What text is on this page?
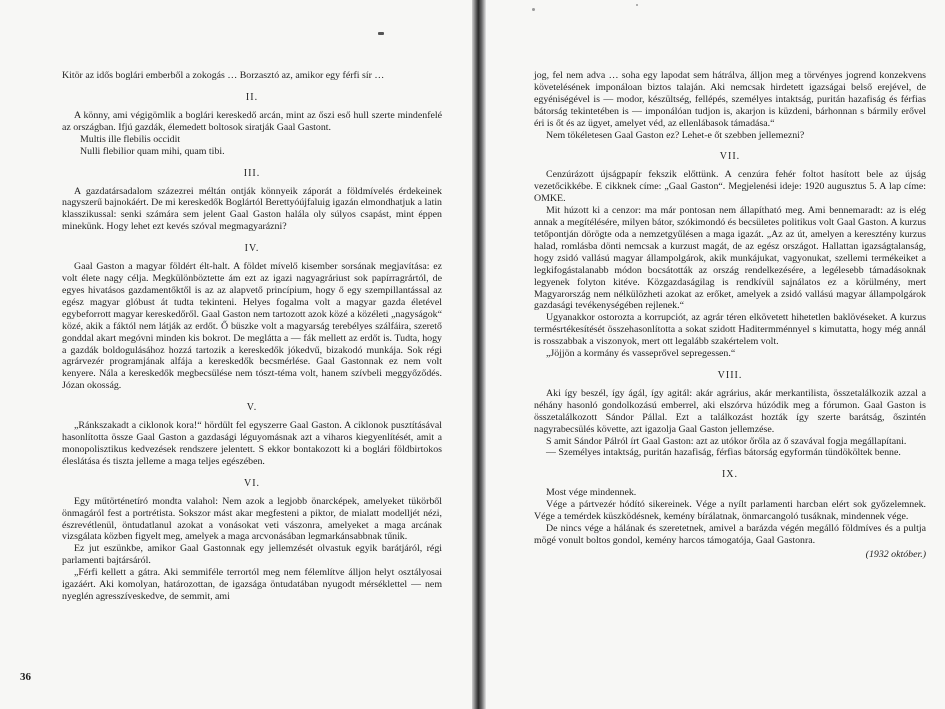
Kitör az idős boglári emberből a zokogás … Borzasztó az, amikor egy férfi sír …

II.

A könny, ami végigömlik a boglári kereskedő arcán, mint az őszi eső hull szerte mindenfelé az országban. Ifjú gazdák, élemedett boltosok siratják Gaal Gastont.

Multis ille flebilis occidit

Nulli flebilior quam mihi, quam tibi.

III.

A gazdatársadalom százezrei méltán ontják könnyeik záporát a földmívelés érdekeinek nagyszerű bajnokáért. De mi kereskedők Boglártól Berettyóújfaluig igazán elmondhatjuk a latin klasszikussal: senki számára sem jelent Gaal Gaston halála oly súlyos csapást, mint éppen minekünk. Hogy lehet ezt kevés szóval megmagyarázni?

IV.

Gaal Gaston a magyar földért élt-halt. A földet mívelő kisember sorsának megjavítása: ez volt élete nagy célja. Megkülönböztette ám ezt az igazi nagyagráriust sok papírragrártól, de egyes hivatásos gazdamentőktől is az az alapvető princípium, hogy ő egy szempillantással az egész magyar glóbust át tudta tekinteni. Helyes fogalma volt a magyar gazda életével egybeforrott magyar kereskedőről. Gaal Gaston nem tartozott azok közé a közéleti „nagyságok“ közé, akik a fáktól nem látják az erdőt. Ő büszke volt a magyarság terebélyes szálfáira, szerető gonddal akart megóvni minden kis bokrot. De meglátta a — fák mellett az erdőt is. Tudta, hogy a gazdák boldogulásához hozzá tartozik a kereskedők jókedvű, bizakodó munkája. Sok régi agrárvezér programjának alfája a kereskedők becsmérlése. Gaal Gastonnak ez nem volt kenyere. Nála a kereskedők megbecsülése nem tószt-téma volt, hanem szívbeli meggyőződés. Józan okosság.

V.

„Ránkszakadt a ciklonok kora!“ hördült fel egyszerre Gaal Gaston. A ciklonok pusztításával hasonlította össze Gaal Gaston a gazdasági léguyomásnak azt a viharos kiegyenlítését, amit a monopolisztikus kedvezések rendszere jelentett. S ekkor bontakozott ki a boglári földbirtokos éleslátása és tiszta jelleme a maga teljes egészében.

VI.

Egy műtörténetíró mondta valahol: Nem azok a legjobb önarcképek, amelyeket tükörből önmagáról fest a portrétista. Sokszor mást akar megfesteni a piktor, de mialatt modelljét nézi, észrevétlenül, öntudatlanul azokat a vonásokat veti vászonra, amelyeket a maga arcának vizsgálata közben figyelt meg, amelyek a maga arcvonásában legmarkánsabbnak tűnik.

Ez jut eszünkbe, amikor Gaal Gastonnak egy jellemzését olvastuk egyik barátjáról, régi parlamenti bajtársáról.

„Férfi kellett a gátra. Aki semmiféle terrortól meg nem félemlítve álljon helyt osztályosai igazáért. Aki komolyan, határozottan, de igazsága öntudatában nyugodt mérséklettel — nem nyeglén agresszíveskedve, de semmit, ami

36

jog, fel nem adva … soha egy lapodat sem hátrálva, álljon meg a törvényes jogrend konzekvens követelésének imponáloan biztos talaján. Aki nemcsak hirdetett igazságai belső erejével, de egyéniségével is — modor, készültség, fellépés, személyes intaktság, puritán hazafiság és férfias bátorság tekintetében is — imponálóan tudjon is, akarjon is küzdeni, bárhonnan s bármily erővel éri is őt és az ügyet, amelyet véd, az ellenlábasok támadása.“

Nem tökéletesen Gaal Gaston ez? Lehet-e őt szebben jellemezni?

VII.

Cenzúrázott újságpapír fekszik előttünk. A cenzúra fehér foltot hasított bele az újság vezetőcikkébe. E cikknek címe: „Gaal Gaston“. Megjelenési ideje: 1920 augusztus 5. A lap címe: OMKE.

Mit húzott ki a cenzor: ma már pontosan nem állapítható meg. Ami bennemaradt: az is elég annak a megítélésére, milyen bátor, szókimondó és becsületes politikus volt Gaal Gaston. A kurzus tetőpontján dörögte oda a nemzetgyűlésen a maga igazát. „Az az út, amelyen a keresztény kurzus halad, romlásba dönti nemcsak a kurzust magát, de az egész országot. Hallattan igazságtalanság, hogy zsidó vallású magyar állampolgárok, akik munkájukat, vagyonukat, szellemi termékeiket a legkifogástalanabb módon bocsátották az ország rendelkezésére, a legélesebb támadásoknak legyenek folyton kitéve. Közgazdaságilag is rendkívül sajnálatos ez a körülmény, mert Magyarország nem nélkülözheti azokat az erőket, amelyek a zsidó vallású magyar állampolgárok gazdasági tevékenységében rejlenek.“

Ugyanakkor ostorozta a korrupciót, az agrár téren elkövetett hihetetlen baklövéseket. A kurzus termésrtékesítését összehasonlította a sokat szidott Haditermménnyel s kimutatta, hogy még annál is rosszabbak a viszonyok, mert ott legalább szakértelem volt.

„Jöjjön a kormány és vasseprővel sepregessen.“

VIII.

Aki így beszél, így ágál, így agitál: akár agrárius, akár merkantilista, összetalálkozik azzal a néhány hasonló gondolkozású emberrel, aki elszórva húzódik meg a fórumon. Gaal Gaston is összetalálkozott Sándor Pállal. Ezt a találkozást hozták így szerte barátság, őszintén nagyrabecsülés követte, azt igazolja Gaal Gaston jellemzése.

S amit Sándor Pálról írt Gaal Gaston: azt az utókor őrőla az ő szavával fogja megállapítani.

— Személyes intaktság, puritán hazafiság, férfias bátorság egyformán tündököltek benne.

IX.

Most vége mindennek.

Vége a pártvezér hódító sikereinek. Vége a nyílt parlamenti harcban elért sok győzelemnek. Vége a temérdek küszködésnek, kemény bírálatnak, önmarcangoló tusáknak, mindennek vége.

De nincs vége a hálának és szeretetnek, amivel a barázda végén megálló földmíves és a pultja mögé vonult boltos gondol, kemény harcos támogatója, Gaal Gastonra.

(1932 október.)
